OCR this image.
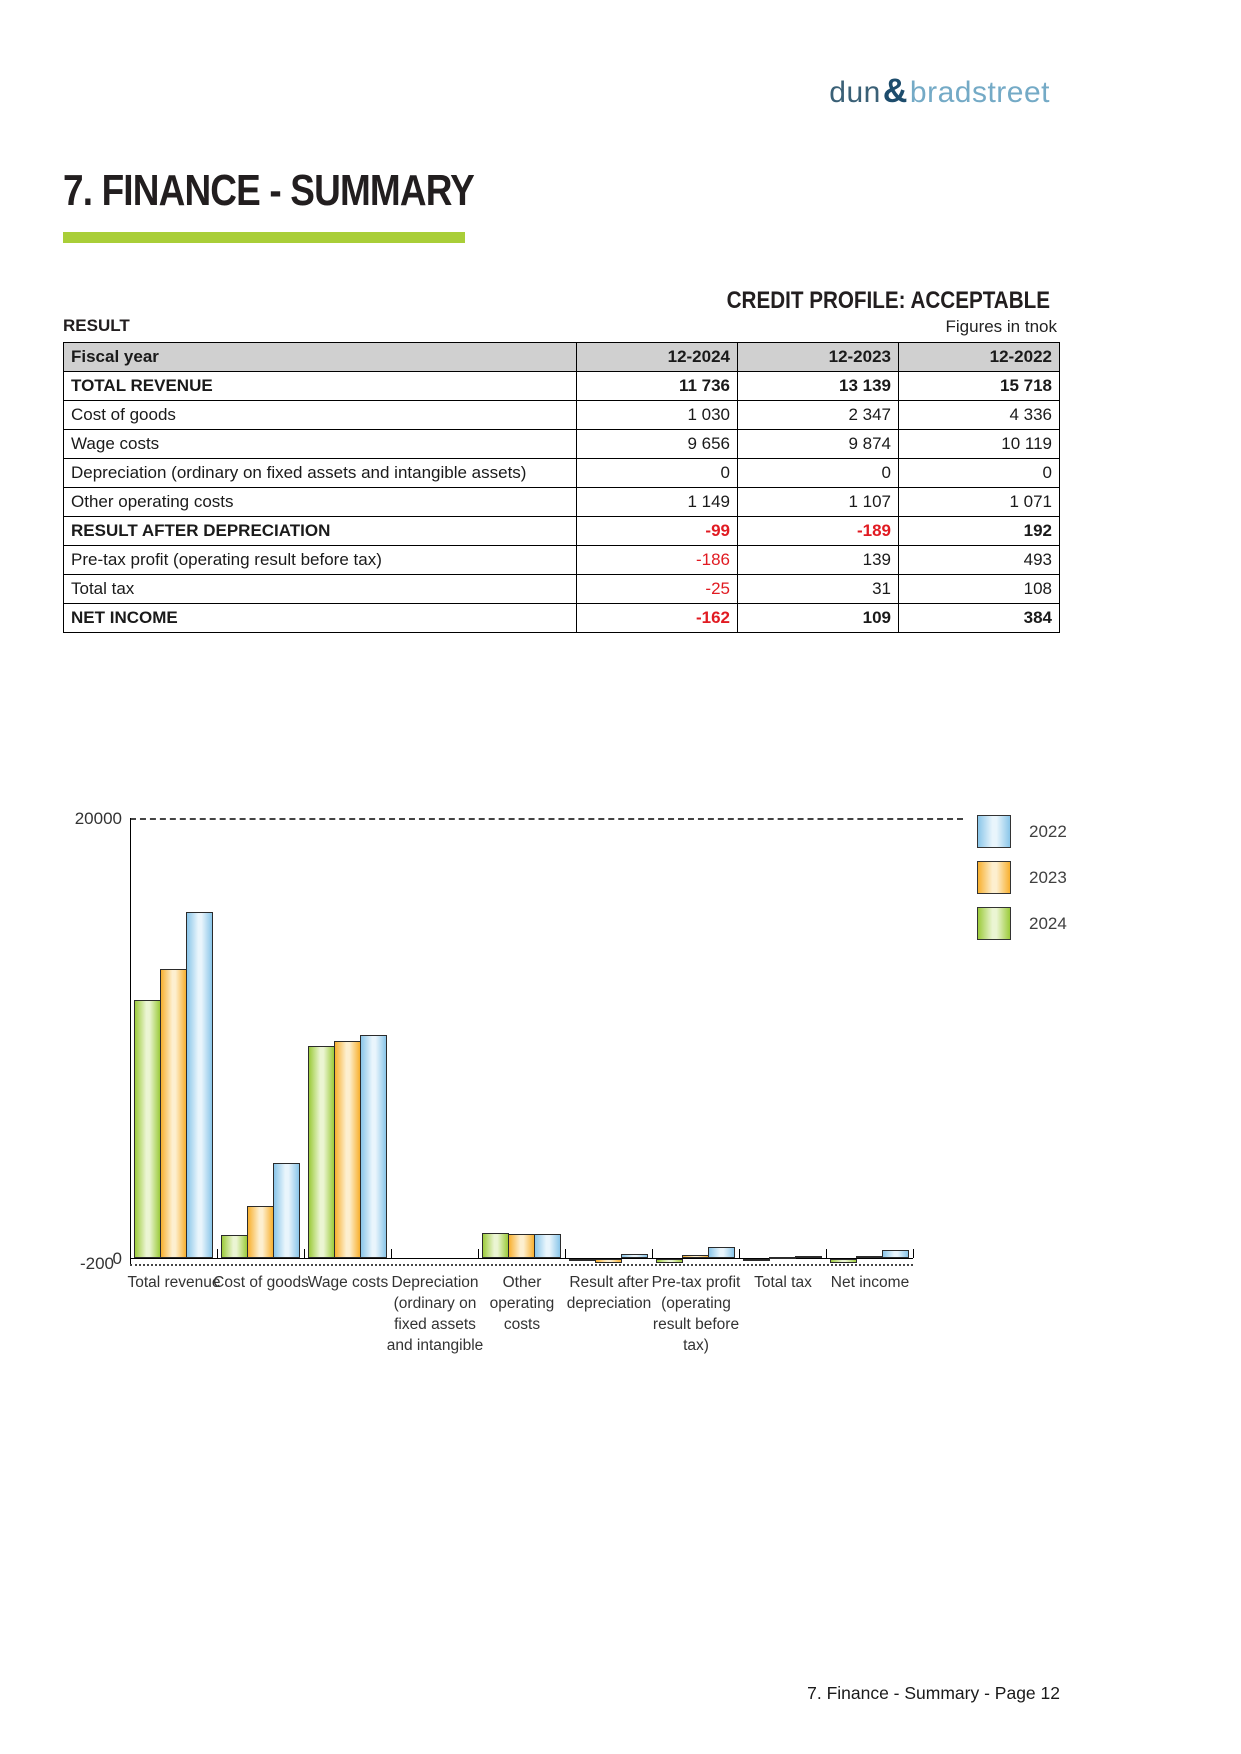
dun&bradstreet
7. FINANCE - SUMMARY
CREDIT PROFILE: ACCEPTABLE
RESULT	Figures in tnok
Fiscal year	12-2024	12-2023	12-2022
TOTAL REVENUE	11 736	13 139	15 718
Cost of goods	1 030	2 347	4 336
Wage costs	9 656	9 874	10 119
Depreciation (ordinary on fixed assets and intangible assets)	0	0	0
Other operating costs	1 149	1 107	1 071
RESULT AFTER DEPRECIATION	-99	-189	192
Pre-tax profit (operating result before tax)	-186	139	493
Total tax	-25	31	108
NET INCOME	-162	109	384
20000
0
-200
Total revenue
Cost of goods
Wage costs Depreciation
(ordinary on
fixed assets
and intangible
Other
operating
costs
Result after
depreciation
Pre-tax profit
(operating
result before
tax)
Total tax	Net income
2022
2023
2024
7. Finance - Summary - Page 12
